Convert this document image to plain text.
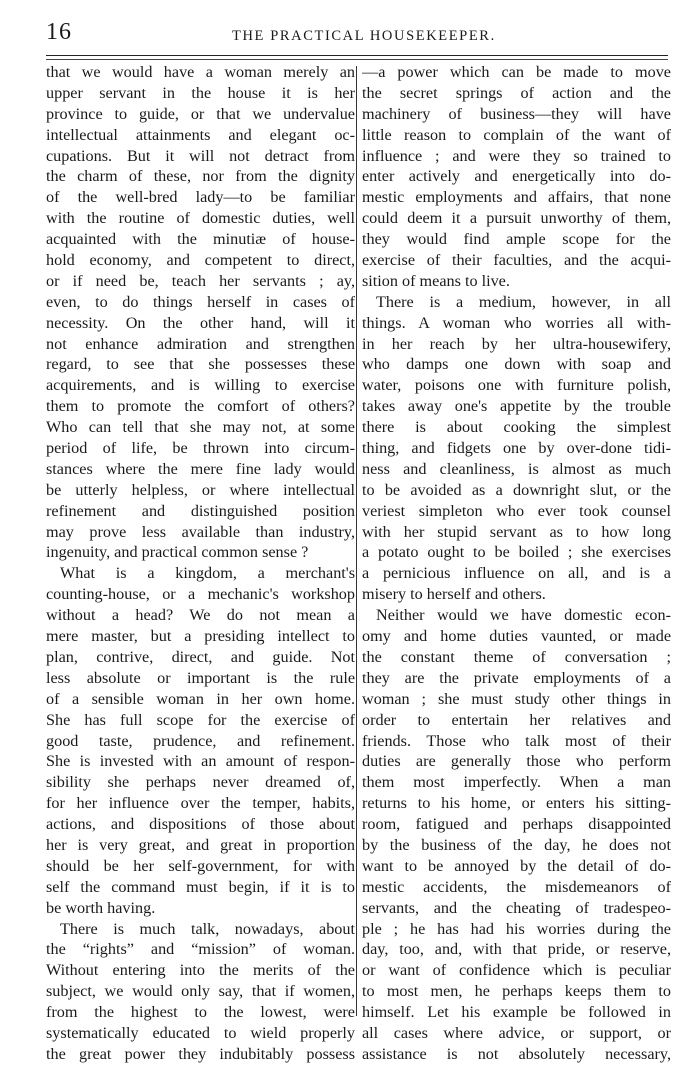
16	THE PRACTICAL HOUSEKEEPER.
that we would have a woman merely an
upper servant in the house it is her
province to guide, or that we undervalue
intellectual attainments and elegant oc-
cupations. But it will not detract from
the charm of these, nor from the dignity
of the well-bred lady—to be familiar
with the routine of domestic duties, well
acquainted with the minutiæ of house-
hold economy, and competent to direct,
or if need be, teach her servants ; ay,
even, to do things herself in cases of
necessity. On the other hand, will it
not enhance admiration and strengthen
regard, to see that she possesses these
acquirements, and is willing to exercise
them to promote the comfort of others?
Who can tell that she may not, at some
period of life, be thrown into circum-
stances where the mere fine lady would
be utterly helpless, or where intellectual
refinement and distinguished position
may prove less available than industry,
ingenuity, and practical common sense ?
What is a kingdom, a merchant's
counting-house, or a mechanic's workshop
without a head? We do not mean a
mere master, but a presiding intellect to
plan, contrive, direct, and guide. Not
less absolute or important is the rule
of a sensible woman in her own home.
She has full scope for the exercise of
good taste, prudence, and refinement.
She is invested with an amount of respon-
sibility she perhaps never dreamed of,
for her influence over the temper, habits,
actions, and dispositions of those about
her is very great, and great in proportion
should be her self-government, for with
self the command must begin, if it is to
be worth having.
There is much talk, nowadays, about
the “rights” and “mission” of woman.
Without entering into the merits of the
subject, we would only say, that if women,
from the highest to the lowest, were
systematically educated to wield properly
the great power they indubitably possess
—a power which can be made to move
the secret springs of action and the
machinery of business—they will have
little reason to complain of the want of
influence ; and were they so trained to
enter actively and energetically into do-
mestic employments and affairs, that none
could deem it a pursuit unworthy of them,
they would find ample scope for the
exercise of their faculties, and the acqui-
sition of means to live.
There is a medium, however, in all
things. A woman who worries all with-
in her reach by her ultra-housewifery,
who damps one down with soap and
water, poisons one with furniture polish,
takes away one's appetite by the trouble
there is about cooking the simplest
thing, and fidgets one by over-done tidi-
ness and cleanliness, is almost as much
to be avoided as a downright slut, or the
veriest simpleton who ever took counsel
with her stupid servant as to how long
a potato ought to be boiled ; she exercises
a pernicious influence on all, and is a
misery to herself and others.
Neither would we have domestic econ-
omy and home duties vaunted, or made
the constant theme of conversation ;
they are the private employments of a
woman ; she must study other things in
order to entertain her relatives and
friends. Those who talk most of their
duties are generally those who perform
them most imperfectly. When a man
returns to his home, or enters his sitting-
room, fatigued and perhaps disappointed
by the business of the day, he does not
want to be annoyed by the detail of do-
mestic accidents, the misdemeanors of
servants, and the cheating of tradespeo-
ple ; he has had his worries during the
day, too, and, with that pride, or reserve,
or want of confidence which is peculiar
to most men, he perhaps keeps them to
himself. Let his example be followed in
all cases where advice, or support, or
assistance is not absolutely necessary,
